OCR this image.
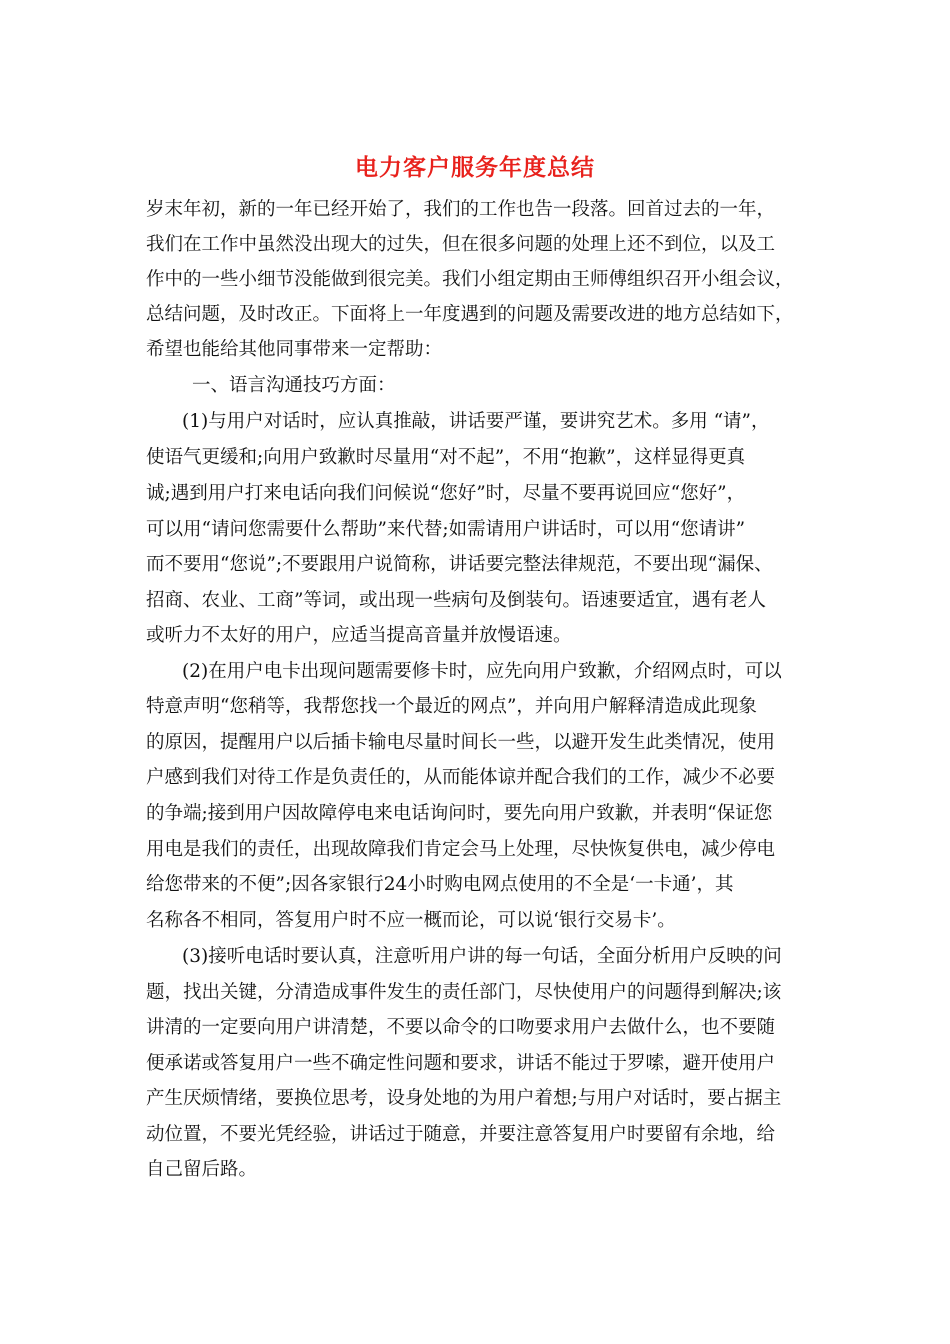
电力客户服务年度总结
岁末年初，新的一年已经开始了，我们的工作也告一段落。回首过去的一年，
我们在工作中虽然没出现大的过失，但在很多问题的处理上还不到位，以及工
作中的一些小细节没能做到很完美。我们小组定期由王师傅组织召开小组会议，
总结问题，及时改正。下面将上一年度遇到的问题及需要改进的地方总结如下，
希望也能给其他同事带来一定帮助：
一、语言沟通技巧方面：
(1)与用户对话时，应认真推敲，讲话要严谨，要讲究艺术。多用 “请”，
使语气更缓和;向用户致歉时尽量用“对不起”，不用“抱歉”，这样显得更真
诚;遇到用户打来电话向我们问候说“您好”时，尽量不要再说回应“您好”，
可以用“请问您需要什么帮助”来代替;如需请用户讲话时，可以用“您请讲”
而不要用“您说”;不要跟用户说简称，讲话要完整法律规范，不要出现“漏保、
招商、农业、工商”等词，或出现一些病句及倒装句。语速要适宜，遇有老人
或听力不太好的用户，应适当提高音量并放慢语速。
(2)在用户电卡出现问题需要修卡时，应先向用户致歉，介绍网点时，可以
特意声明“您稍等，我帮您找一个最近的网点”，并向用户解释清造成此现象
的原因，提醒用户以后插卡输电尽量时间长一些，以避开发生此类情况，使用
户感到我们对待工作是负责任的，从而能体谅并配合我们的工作，减少不必要
的争端;接到用户因故障停电来电话询问时，要先向用户致歉，并表明“保证您
用电是我们的责任，出现故障我们肯定会马上处理，尽快恢复供电，减少停电
给您带来的不便”;因各家银行24小时购电网点使用的不全是‘一卡通’，其
名称各不相同，答复用户时不应一概而论，可以说‘银行交易卡’。
(3)接听电话时要认真，注意听用户讲的每一句话，全面分析用户反映的问
题，找出关键，分清造成事件发生的责任部门，尽快使用户的问题得到解决;该
讲清的一定要向用户讲清楚，不要以命令的口吻要求用户去做什么，也不要随
便承诺或答复用户一些不确定性问题和要求，讲话不能过于罗嗦，避开使用户
产生厌烦情绪，要换位思考，设身处地的为用户着想;与用户对话时，要占据主
动位置，不要光凭经验，讲话过于随意，并要注意答复用户时要留有余地，给
自己留后路。
